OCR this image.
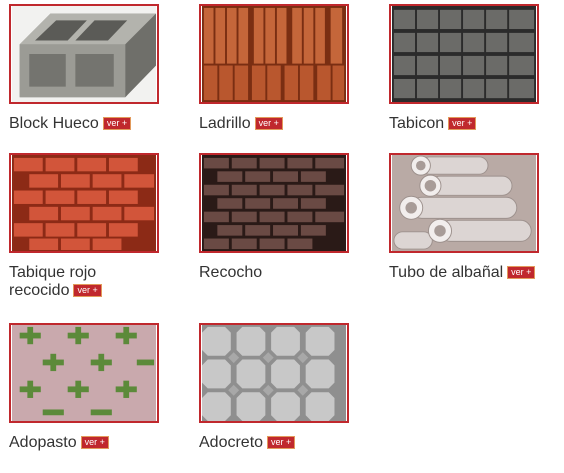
Block Hueco ver +	Ladrillo ver +	Tabicon ver +
Tabique rojo
recocido ver +
Recocho	Tubo de albañal ver +
Adopasto ver +	Adocreto ver +
